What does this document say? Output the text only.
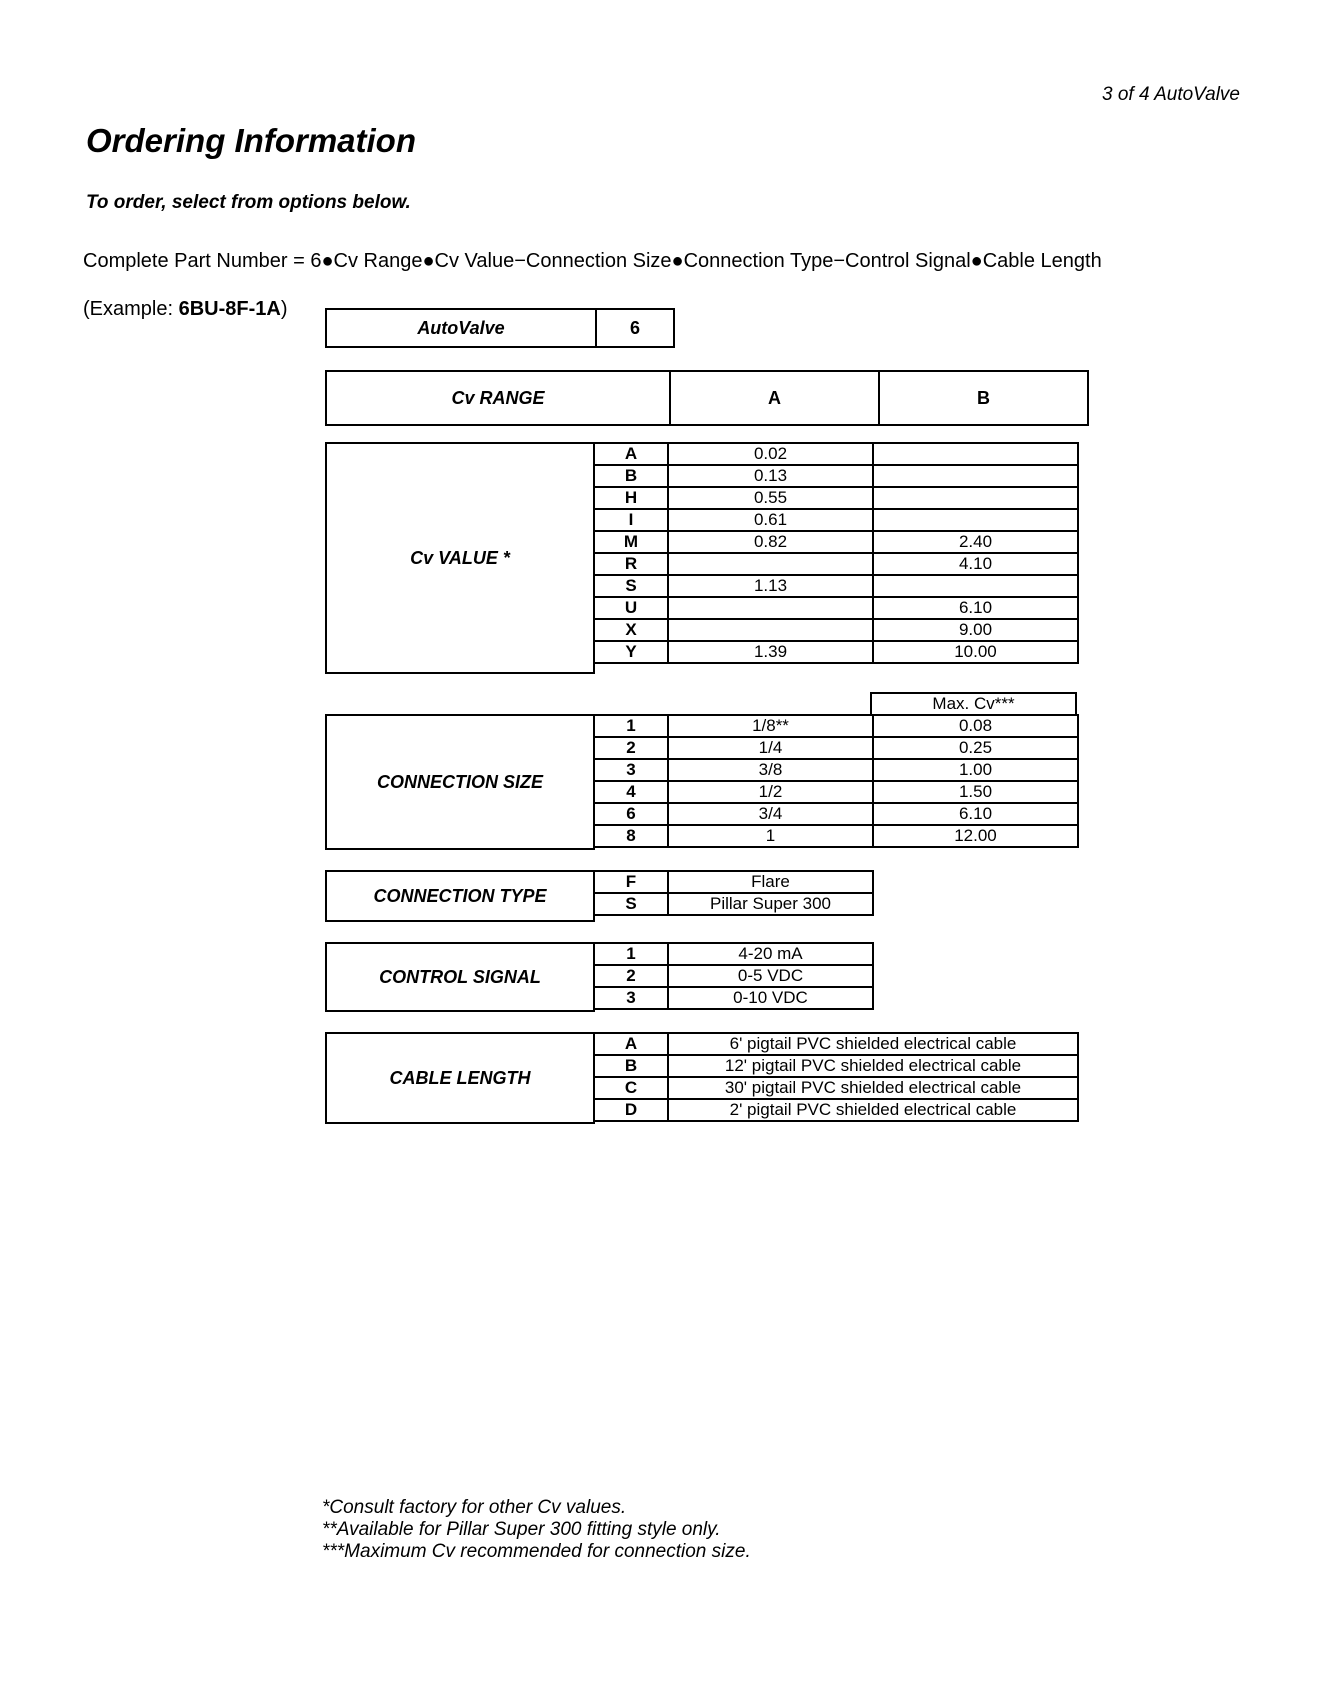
3 of 4 AutoValve
Ordering Information
To order, select from options below.
Complete Part Number = 6●Cv Range●Cv Value−Connection Size●Connection Type−Control Signal●Cable Length
(Example: 6BU-8F-1A)
AutoValve	6
Cv RANGE	A	B
Cv VALUE *
A	0.02	
B	0.13	
H	0.55	
I	0.61	
M	0.82	2.40
R		4.10
S	1.13	
U		6.10
X		9.00
Y	1.39	10.00
Max. Cv***
CONNECTION SIZE
1	1/8**	0.08
2	1/4	0.25
3	3/8	1.00
4	1/2	1.50
6	3/4	6.10
8	1	12.00
CONNECTION TYPE
F	Flare
S	Pillar Super 300
CONTROL SIGNAL
1	4-20 mA
2	0-5 VDC
3	0-10 VDC
CABLE LENGTH
A	6' pigtail PVC shielded electrical cable
B	12' pigtail PVC shielded electrical cable
C	30' pigtail PVC shielded electrical cable
D	2' pigtail PVC shielded electrical cable
*Consult factory for other Cv values.
**Available for Pillar Super 300 fitting style only.
***Maximum Cv recommended for connection size.
